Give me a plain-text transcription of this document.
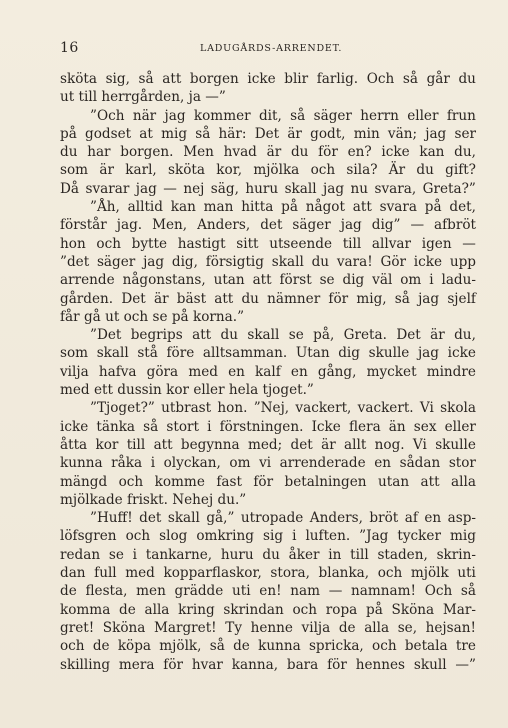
16	LADUGÅRDS-ARRENDET.
sköta sig, så att borgen icke blir farlig. Och så går du
ut till herrgården, ja —”
”Och när jag kommer dit, så säger herrn eller frun
på godset at mig så här: Det är godt, min vän; jag ser
du har borgen. Men hvad är du för en? icke kan du,
som är karl, sköta kor, mjölka och sila? Är du gift?
Då svarar jag — nej säg, huru skall jag nu svara, Greta?”
”Åh, alltid kan man hitta på något att svara på det,
förstår jag. Men, Anders, det säger jag dig” — afbröt
hon och bytte hastigt sitt utseende till allvar igen —
”det säger jag dig, försigtig skall du vara! Gör icke upp
arrende någonstans, utan att först se dig väl om i ladu-
gården. Det är bäst att du nämner för mig, så jag sjelf
får gå ut och se på korna.”
”Det begrips att du skall se på, Greta. Det är du,
som skall stå före alltsamman. Utan dig skulle jag icke
vilja hafva göra med en kalf en gång, mycket mindre
med ett dussin kor eller hela tjoget.”
”Tjoget?” utbrast hon. ”Nej, vackert, vackert. Vi skola
icke tänka så stort i förstningen. Icke flera än sex eller
åtta kor till att begynna med; det är allt nog. Vi skulle
kunna råka i olyckan, om vi arrenderade en sådan stor
mängd och komme fast för betalningen utan att alla
mjölkade friskt. Nehej du.”
”Huff! det skall gå,” utropade Anders, bröt af en asp-
löfsgren och slog omkring sig i luften. ”Jag tycker mig
redan se i tankarne, huru du åker in till staden, skrin-
dan full med kopparflaskor, stora, blanka, och mjölk uti
de flesta, men grädde uti en! nam — namnam! Och så
komma de alla kring skrindan och ropa på Sköna Mar-
gret! Sköna Margret! Ty henne vilja de alla se, hejsan!
och de köpa mjölk, så de kunna spricka, och betala tre
skilling mera för hvar kanna, bara för hennes skull —”
